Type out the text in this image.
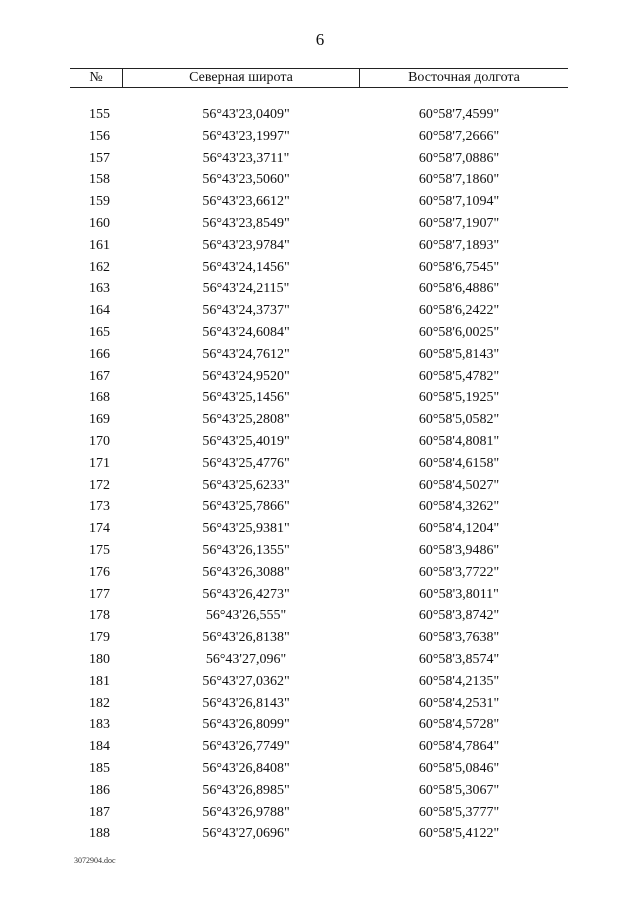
6
№	Северная широта	Восточная долгота
155	56°43'23,0409"	60°58'7,4599"
156	56°43'23,1997"	60°58'7,2666"
157	56°43'23,3711"	60°58'7,0886"
158	56°43'23,5060"	60°58'7,1860"
159	56°43'23,6612"	60°58'7,1094"
160	56°43'23,8549"	60°58'7,1907"
161	56°43'23,9784"	60°58'7,1893"
162	56°43'24,1456"	60°58'6,7545"
163	56°43'24,2115"	60°58'6,4886"
164	56°43'24,3737"	60°58'6,2422"
165	56°43'24,6084"	60°58'6,0025"
166	56°43'24,7612"	60°58'5,8143"
167	56°43'24,9520"	60°58'5,4782"
168	56°43'25,1456"	60°58'5,1925"
169	56°43'25,2808"	60°58'5,0582"
170	56°43'25,4019"	60°58'4,8081"
171	56°43'25,4776"	60°58'4,6158"
172	56°43'25,6233"	60°58'4,5027"
173	56°43'25,7866"	60°58'4,3262"
174	56°43'25,9381"	60°58'4,1204"
175	56°43'26,1355"	60°58'3,9486"
176	56°43'26,3088"	60°58'3,7722"
177	56°43'26,4273"	60°58'3,8011"
178	56°43'26,555"	60°58'3,8742"
179	56°43'26,8138"	60°58'3,7638"
180	56°43'27,096"	60°58'3,8574"
181	56°43'27,0362"	60°58'4,2135"
182	56°43'26,8143"	60°58'4,2531"
183	56°43'26,8099"	60°58'4,5728"
184	56°43'26,7749"	60°58'4,7864"
185	56°43'26,8408"	60°58'5,0846"
186	56°43'26,8985"	60°58'5,3067"
187	56°43'26,9788"	60°58'5,3777"
188	56°43'27,0696"	60°58'5,4122"
3072904.doc
